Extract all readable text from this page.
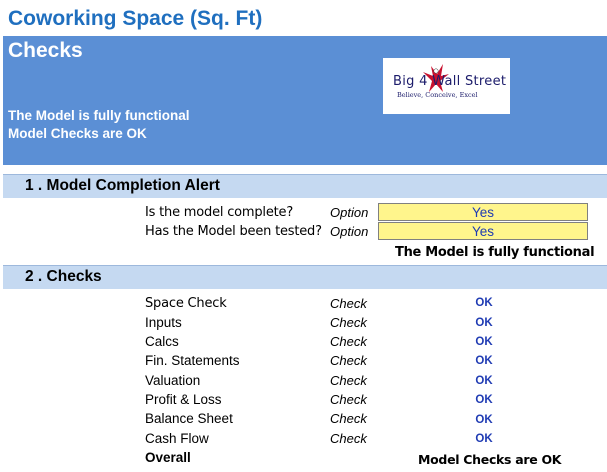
Coworking Space (Sq. Ft)
Checks
The Model is fully functional
Model Checks are OK
Big 4 Wall Street
Believe, Conceive, Excel
1 . Model Completion Alert
Is the model complete?	Option	Yes
Has the Model been tested? Option	Yes
The Model is fully functional
2 . Checks
Space Check	Check	OK
Inputs	Check	OK
Calcs	Check	OK
Fin. Statements	Check	OK
Valuation	Check	OK
Profit & Loss	Check	OK
Balance Sheet	Check	OK
Cash Flow	Check	OK
Overall	Model Checks are OK
